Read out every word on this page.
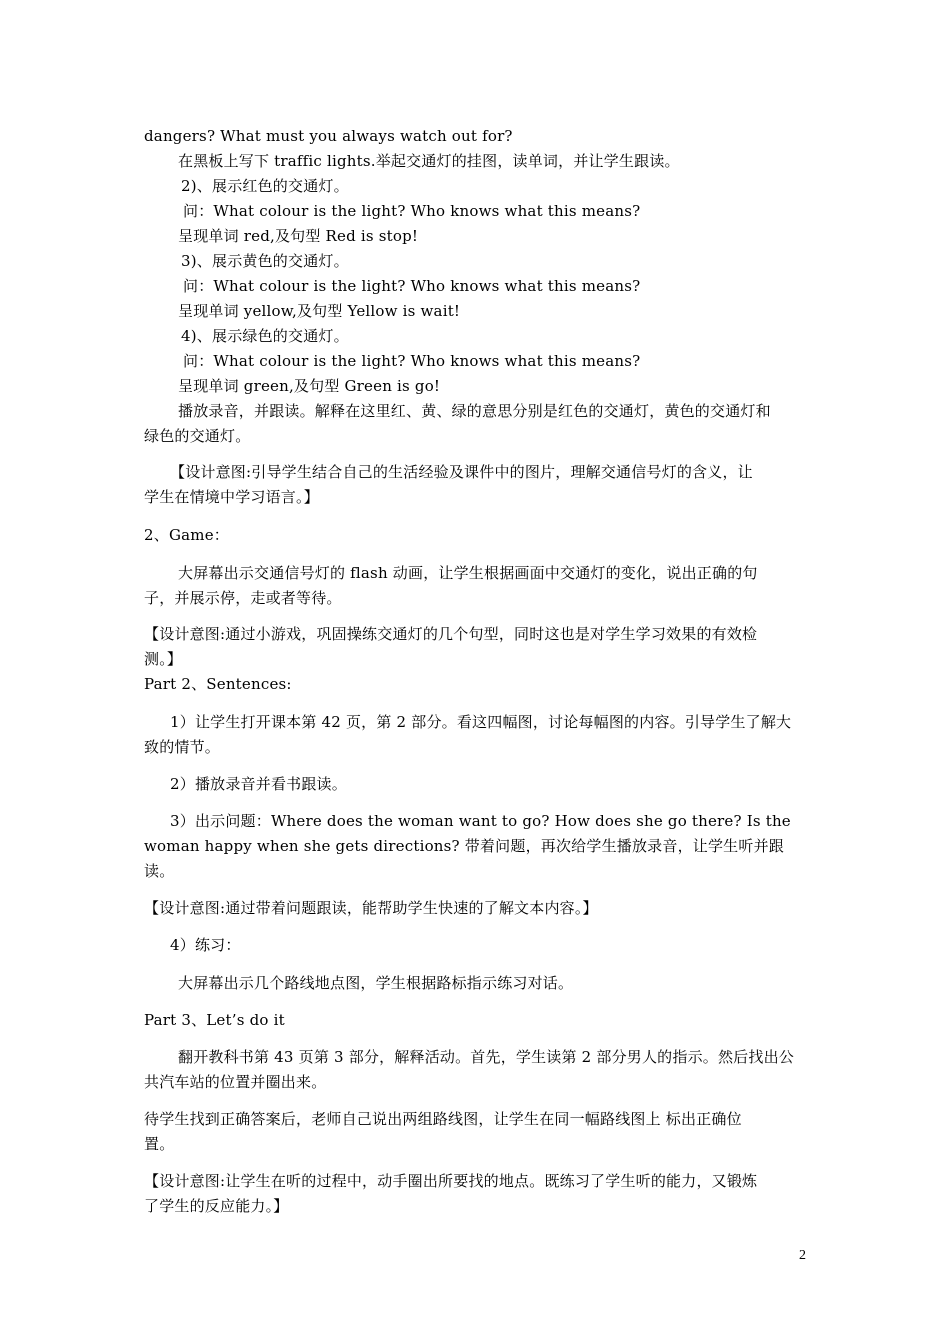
dangers? What must you always watch out for?
在黑板上写下 traffic lights.举起交通灯的挂图，读单词，并让学生跟读。
2)、展示红色的交通灯。
问：What colour is the light? Who knows what this means?
呈现单词 red,及句型 Red is stop!
3)、展示黄色的交通灯。
问：What colour is the light? Who knows what this means?
呈现单词 yellow,及句型 Yellow is wait!
4)、展示绿色的交通灯。
问：What colour is the light? Who knows what this means?
呈现单词 green,及句型 Green is go!
播放录音，并跟读。解释在这里红、黄、绿的意思分别是红色的交通灯，黄色的交通灯和
绿色的交通灯。
【设计意图:引导学生结合自己的生活经验及课件中的图片，理解交通信号灯的含义，让
学生在情境中学习语言。】
2、Game：
大屏幕出示交通信号灯的 flash 动画，让学生根据画面中交通灯的变化，说出正确的句
子，并展示停，走或者等待。
【设计意图:通过小游戏，巩固操练交通灯的几个句型，同时这也是对学生学习效果的有效检
测。】
Part 2、Sentences:
1）让学生打开课本第 42 页，第 2 部分。看这四幅图，讨论每幅图的内容。引导学生了解大
致的情节。
2）播放录音并看书跟读。
3）出示问题：Where does the woman want to go? How does she go there? Is the
woman happy when she gets directions? 带着问题，再次给学生播放录音，让学生听并跟
读。
【设计意图:通过带着问题跟读，能帮助学生快速的了解文本内容。】
4）练习：
大屏幕出示几个路线地点图，学生根据路标指示练习对话。
Part 3、Let’s do it
翻开教科书第 43 页第 3 部分，解释活动。首先，学生读第 2 部分男人的指示。然后找出公
共汽车站的位置并圈出来。
待学生找到正确答案后，老师自己说出两组路线图，让学生在同一幅路线图上 标出正确位
置。
【设计意图:让学生在听的过程中，动手圈出所要找的地点。既练习了学生听的能力，又锻炼
了学生的反应能力。】
2
